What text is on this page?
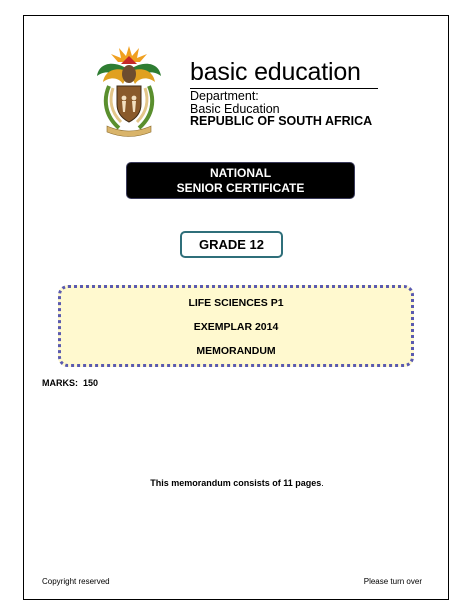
basic education
Department:
Basic Education
REPUBLIC OF SOUTH AFRICA
NATIONAL
SENIOR CERTIFICATE
GRADE 12
LIFE SCIENCES P1
EXEMPLAR 2014
MEMORANDUM
MARKS: 150
This memorandum consists of 11 pages.
Copyright reserved	Please turn over
